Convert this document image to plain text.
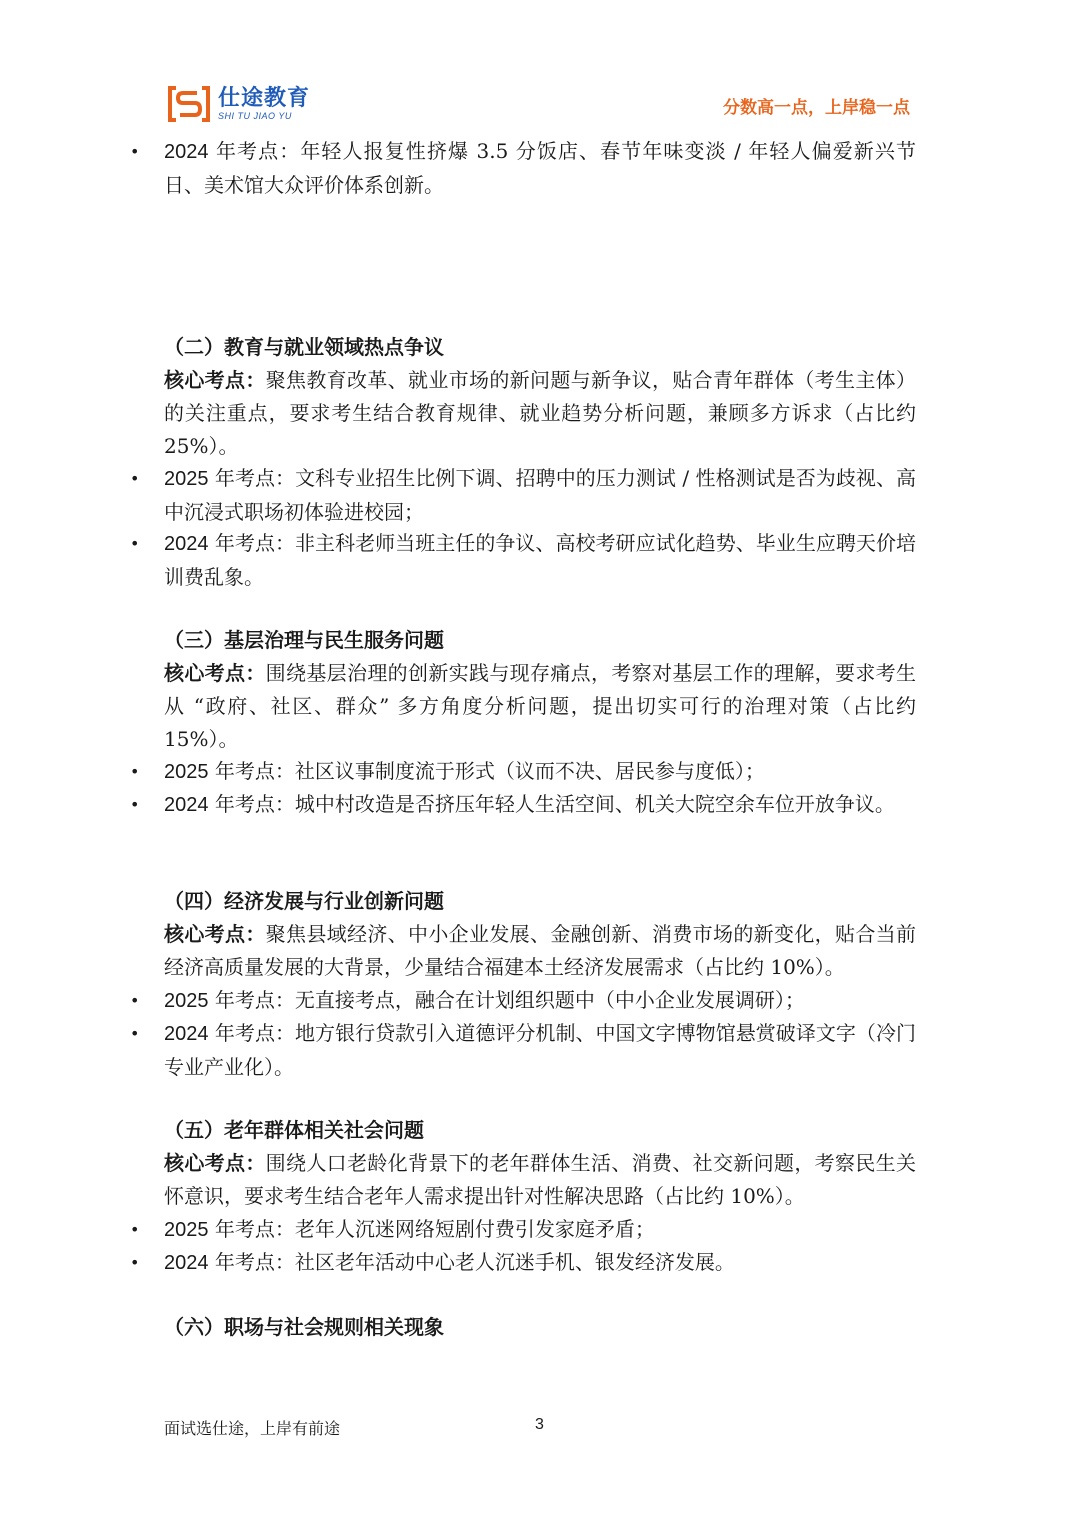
仕途教育
SHI TU JIAO YU	分数高一点，上岸稳一点
• 2024 年考点：年轻人报复性挤爆 3.5 分饭店、春节年味变淡 / 年轻人偏爱新兴节日、美术馆大众评价体系创新。
（二）教育与就业领域热点争议
核心考点：聚焦教育改革、就业市场的新问题与新争议，贴合青年群体（考生主体）的关注重点，要求考生结合教育规律、就业趋势分析问题，兼顾多方诉求（占比约 25%）。
• 2025 年考点：文科专业招生比例下调、招聘中的压力测试 / 性格测试是否为歧视、高中沉浸式职场初体验进校园；
• 2024 年考点：非主科老师当班主任的争议、高校考研应试化趋势、毕业生应聘天价培训费乱象。
（三）基层治理与民生服务问题
核心考点：围绕基层治理的创新实践与现存痛点，考察对基层工作的理解，要求考生从 “政府、社区、群众” 多方角度分析问题，提出切实可行的治理对策（占比约 15%）。
• 2025 年考点：社区议事制度流于形式（议而不决、居民参与度低）；
• 2024 年考点：城中村改造是否挤压年轻人生活空间、机关大院空余车位开放争议。
（四）经济发展与行业创新问题
核心考点：聚焦县域经济、中小企业发展、金融创新、消费市场的新变化，贴合当前经济高质量发展的大背景，少量结合福建本土经济发展需求（占比约 10%）。
• 2025 年考点：无直接考点，融合在计划组织题中（中小企业发展调研）；
• 2024 年考点：地方银行贷款引入道德评分机制、中国文字博物馆悬赏破译文字（冷门专业产业化）。
（五）老年群体相关社会问题
核心考点：围绕人口老龄化背景下的老年群体生活、消费、社交新问题，考察民生关怀意识，要求考生结合老年人需求提出针对性解决思路（占比约 10%）。
• 2025 年考点：老年人沉迷网络短剧付费引发家庭矛盾；
• 2024 年考点：社区老年活动中心老人沉迷手机、银发经济发展。
（六）职场与社会规则相关现象
面试选仕途，上岸有前途	3
